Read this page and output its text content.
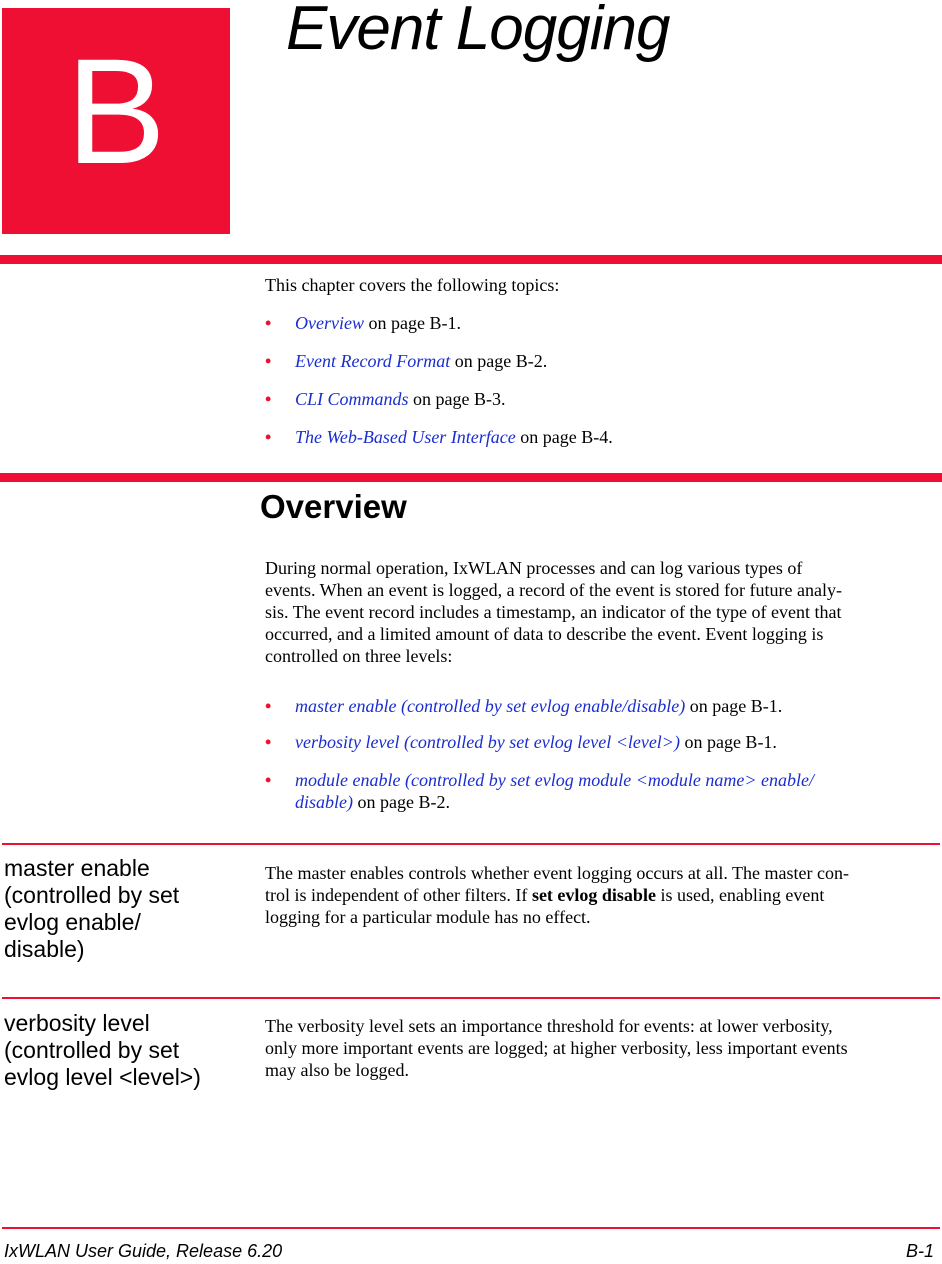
B	Event Logging
This chapter covers the following topics:
• Overview on page B-1.
• Event Record Format on page B-2.
• CLI Commands on page B-3.
• The Web-Based User Interface on page B-4.
Overview
During normal operation, IxWLAN processes and can log various types of
events. When an event is logged, a record of the event is stored for future analy-
sis. The event record includes a timestamp, an indicator of the type of event that
occurred, and a limited amount of data to describe the event. Event logging is
controlled on three levels:
• master enable (controlled by set evlog enable/disable) on page B-1.
• verbosity level (controlled by set evlog level <level>) on page B-1.
• module enable (controlled by set evlog module <module name> enable/
disable) on page B-2.
master enable
(controlled by set
evlog enable/
disable)
The master enables controls whether event logging occurs at all. The master con-
trol is independent of other filters. If set evlog disable is used, enabling event
logging for a particular module has no effect.
verbosity level
(controlled by set
evlog level <level>)
The verbosity level sets an importance threshold for events: at lower verbosity,
only more important events are logged; at higher verbosity, less important events
may also be logged.
IxWLAN User Guide, Release 6.20	B-1
